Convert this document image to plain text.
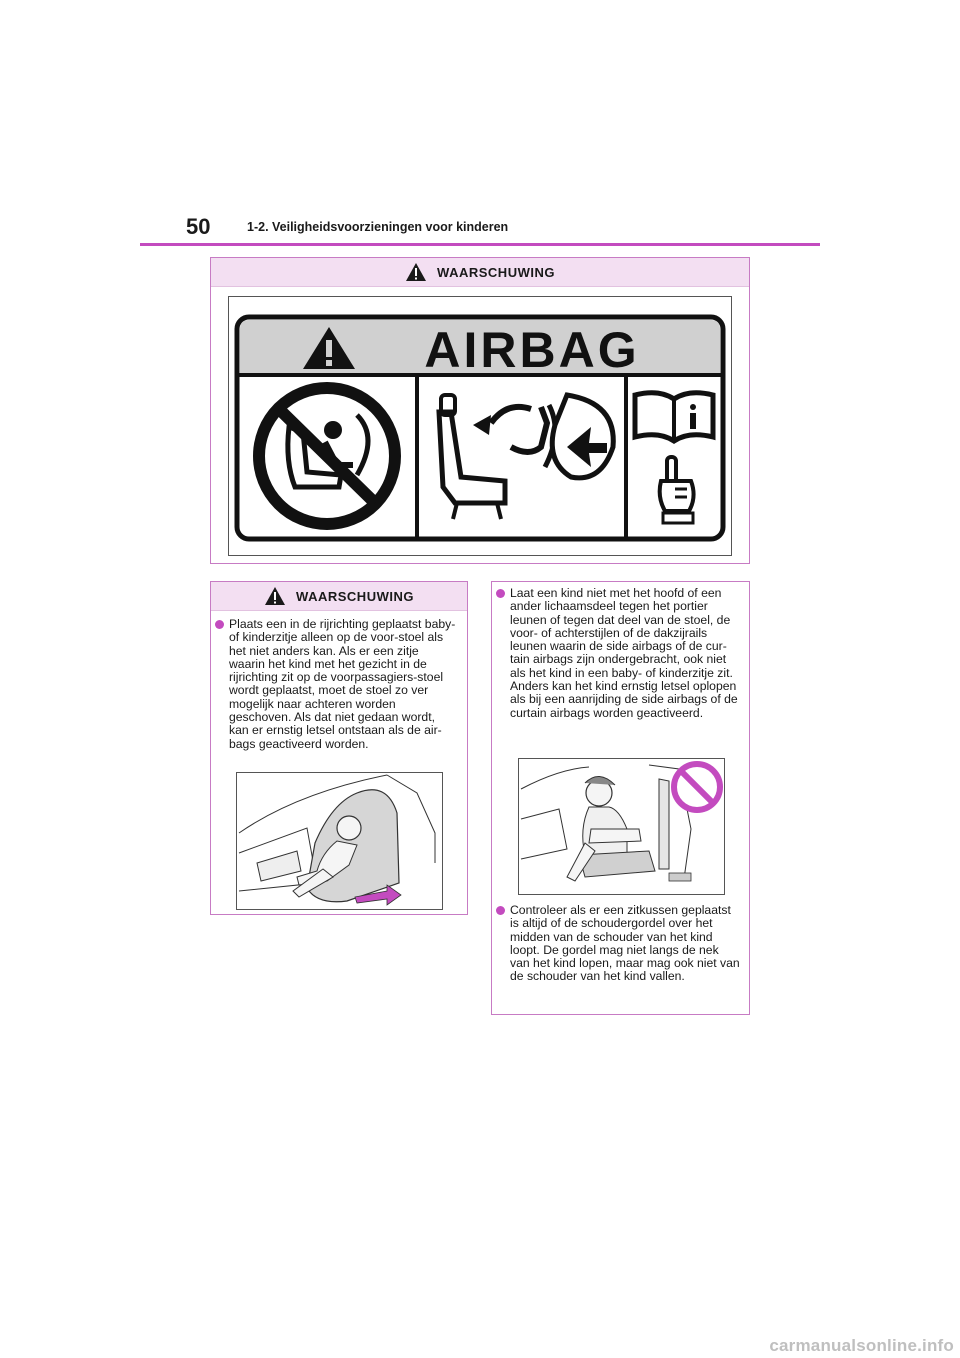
50	1-2. Veiligheidsvoorzieningen voor kinderen
WAARSCHUWING
AIRBAG
WAARSCHUWING
Plaats een in de rijrichting geplaatst baby- of kinderzitje alleen op de voor-stoel als het niet anders kan. Als er een zitje waarin het kind met het gezicht in de rijrichting zit op de voorpassagiers-stoel wordt geplaatst, moet de stoel zo ver mogelijk naar achteren worden geschoven. Als dat niet gedaan wordt, kan er ernstig letsel ontstaan als de air-bags geactiveerd worden.
Laat een kind niet met het hoofd of een ander lichaamsdeel tegen het portier leunen of tegen dat deel van de stoel, de voor- of achterstijlen of de dakzijrails leunen waarin de side airbags of de cur-tain airbags zijn ondergebracht, ook niet als het kind in een baby- of kinderzitje zit. Anders kan het kind ernstig letsel oplopen als bij een aanrijding de side airbags of de curtain airbags worden geactiveerd.
Controleer als er een zitkussen geplaatst is altijd of de schoudergordel over het midden van de schouder van het kind loopt. De gordel mag niet langs de nek van het kind lopen, maar mag ook niet van de schouder van het kind vallen.
carmanualsonline.info
